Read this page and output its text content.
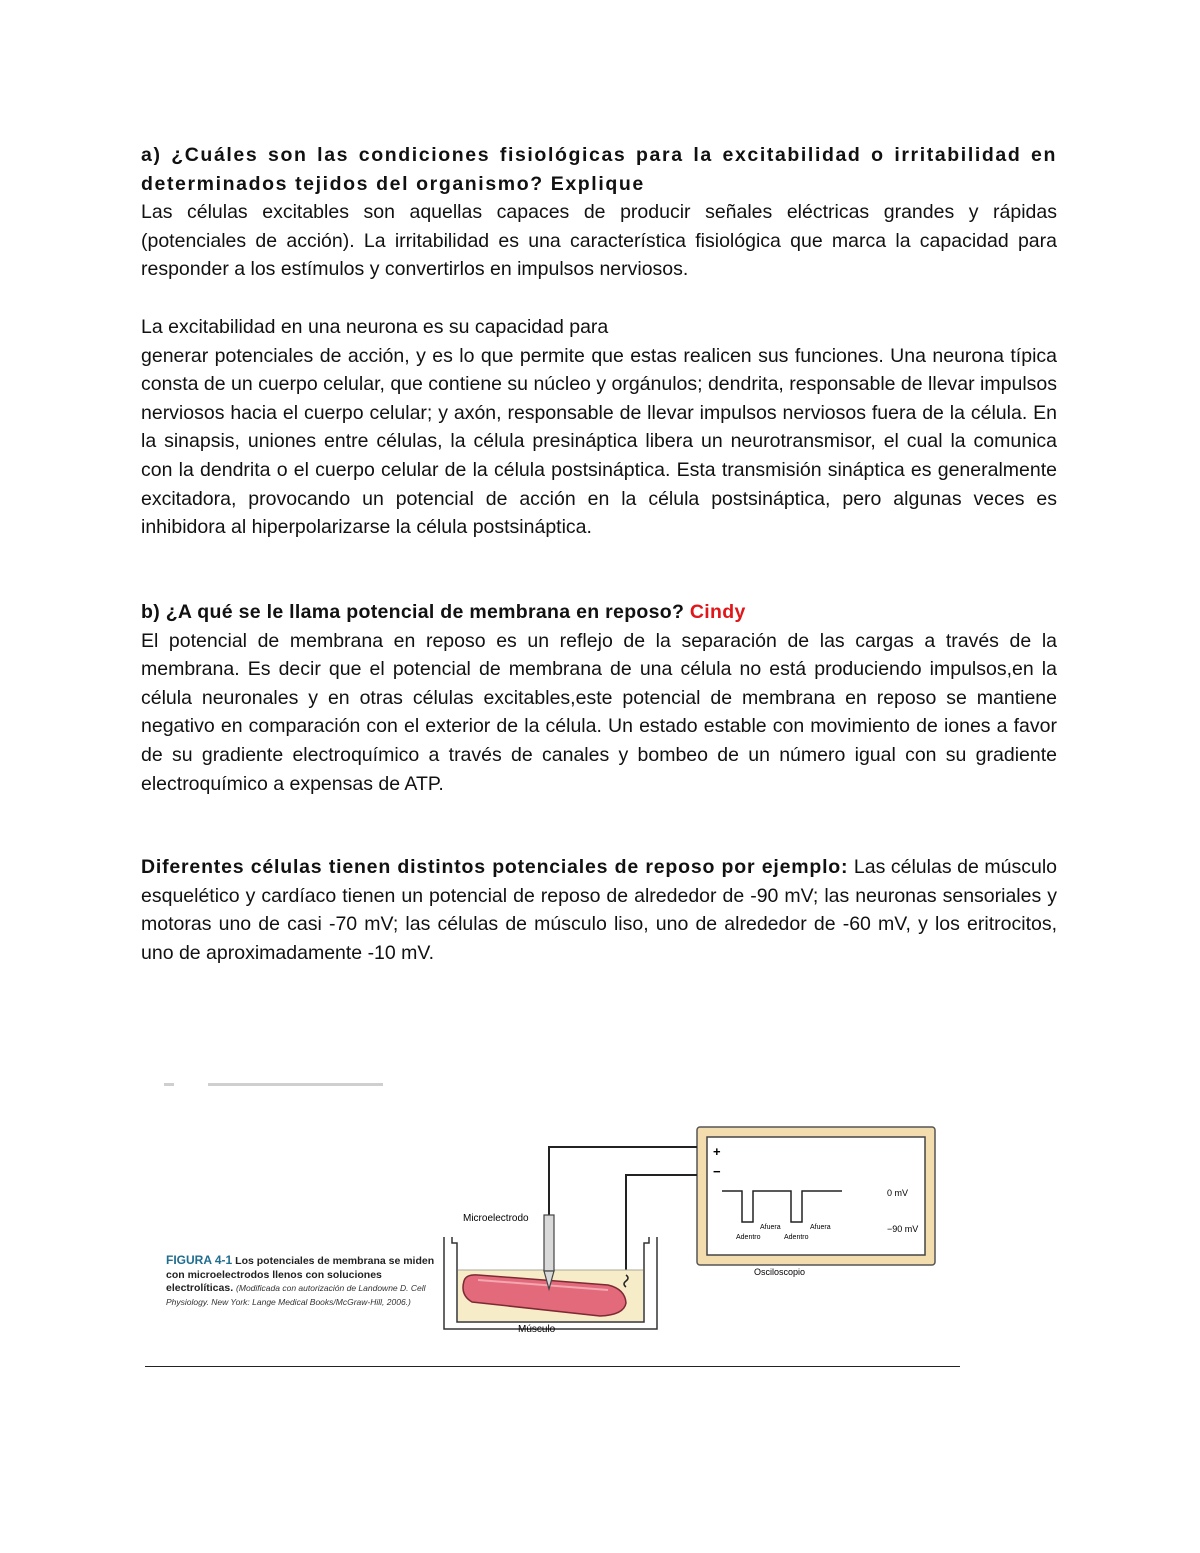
a) ¿Cuáles son las condiciones fisiológicas para la excitabilidad o irritabilidad en determinados tejidos del organismo? Explique

Las células excitables son aquellas capaces de producir señales eléctricas grandes y rápidas (potenciales de acción). La irritabilidad es una característica fisiológica que marca la capacidad para responder a los estímulos y convertirlos en impulsos nerviosos.

La excitabilidad en una neurona es su capacidad para

generar potenciales de acción, y es lo que permite que estas realicen sus funciones. Una neurona típica consta de un cuerpo celular, que contiene su núcleo y orgánulos; dendrita, responsable de llevar impulsos nerviosos hacia el cuerpo celular; y axón, responsable de llevar impulsos nerviosos fuera de la célula. En la sinapsis, uniones entre células, la célula presináptica libera un neurotransmisor, el cual la comunica con la dendrita o el cuerpo celular de la célula postsináptica. Esta transmisión sináptica es generalmente excitadora, provocando un potencial de acción en la célula postsináptica, pero algunas veces es inhibidora al hiperpolarizarse la célula postsináptica.

b) ¿A qué se le llama potencial de membrana en reposo? Cindy

El potencial de membrana en reposo es un reflejo de la separación de las cargas a través de la membrana. Es decir que el potencial de membrana de una célula no está produciendo impulsos,en la célula neuronales y en otras células excitables,este potencial de membrana en reposo se mantiene negativo en comparación con el exterior de la célula. Un estado estable con movimiento de iones a favor de su gradiente electroquímico a través de canales y bombeo de un número igual con su gradiente electroquímico a expensas de ATP.

Diferentes células tienen distintos potenciales de reposo por ejemplo: Las células de músculo esquelético y cardíaco tienen un potencial de reposo de alrededor de -90 mV; las neuronas sensoriales y motoras uno de casi -70 mV; las células de músculo liso, uno de alrededor de -60 mV, y los eritrocitos, uno de aproximadamente -10 mV.

+
−
Afuera
Adentro
Afuera
Adentro
0 mV
−90 mV
Osciloscopio
Microelectrodo
Músculo
FIGURA 4-1 Los potenciales de membrana se miden con microelectrodos llenos con soluciones electrolíticas. (Modificada con autorización de Landowne D. Cell Physiology. New York: Lange Medical Books/McGraw-Hill, 2006.)
